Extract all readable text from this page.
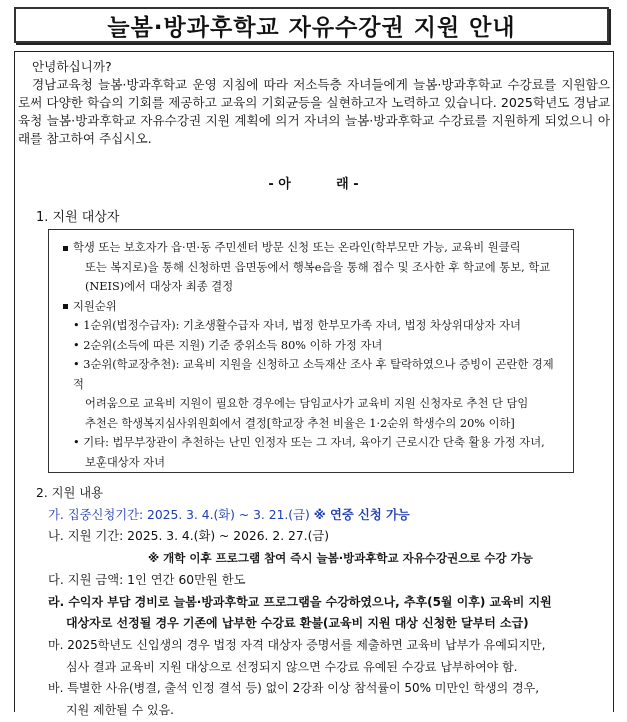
늘봄·방과후학교 자유수강권 지원 안내

안녕하십니까?

경남교육청 늘봄·방과후학교 운영 지침에 따라 저소득층 자녀들에게 늘봄·방과후학교 수강료를 지원함으로써 다양한 학습의 기회를 제공하고 교육의 기회균등을 실현하고자 노력하고 있습니다. 2025학년도 경남교육청 늘봄·방과후학교 자유수강권 지원 계획에 의거 자녀의 늘봄·방과후학교 수강료를 지원하게 되었으니 아래를 참고하여 주십시오.

- 아          래 -
1. 지원 대상자
학생 또는 보호자가 읍·면·동 주민센터 방문 신청 또는 온라인(학부모만 가능, 교육비 원클릭
또는 복지로)을 통해 신청하면 읍면동에서 행복e음을 통해 접수 및 조사한 후 학교에 통보, 학교
(NEIS)에서 대상자 최종 결정
지원순위
• 1순위(법정수급자): 기초생활수급자 자녀, 법정 한부모가족 자녀, 법정 차상위대상자 자녀
• 2순위(소득에 따른 지원) 기준 중위소득 80% 이하 가정 자녀
• 3순위(학교장추천): 교육비 지원을 신청하고 소득재산 조사 후 탈락하였으나 증빙이 곤란한 경제적
어려움으로 교육비 지원이 필요한 경우에는 담임교사가 교육비 지원 신청자로 추천 단 담임
추천은 학생복지심사위원회에서 결정[학교장 추천 비율은 1·2순위 학생수의 20% 이하]
• 기타: 법무부장관이 추천하는 난민 인정자 또는 그 자녀, 육아기 근로시간 단축 활용 가정 자녀,
보훈대상자 자녀
2. 지원 내용
가. 집중신청기간: 2025. 3. 4.(화) ~ 3. 21.(금) ※ 연중 신청 가능
나. 지원 기간: 2025. 3. 4.(화) ~ 2026. 2. 27.(금)
※ 개학 이후 프로그램 참여 즉시 늘봄·방과후학교 자유수강권으로 수강 가능
다. 지원 금액: 1인 연간 60만원 한도
라. 수익자 부담 경비로 늘봄·방과후학교 프로그램을 수강하였으나, 추후(5월 이후) 교육비 지원
대상자로 선정될 경우 기존에 납부한 수강료 환불(교육비 지원 대상 신청한 달부터 소급)
마. 2025학년도 신입생의 경우 법정 자격 대상자 증명서를 제출하면 교육비 납부가 유예되지만,
심사 결과 교육비 지원 대상으로 선정되지 않으면 수강료 유예된 수강료 납부하여야 함.
바. 특별한 사유(병결, 출석 인정 결석 등) 없이 2강좌 이상 참석률이 50% 미만인 학생의 경우,
지원 제한될 수 있음.
